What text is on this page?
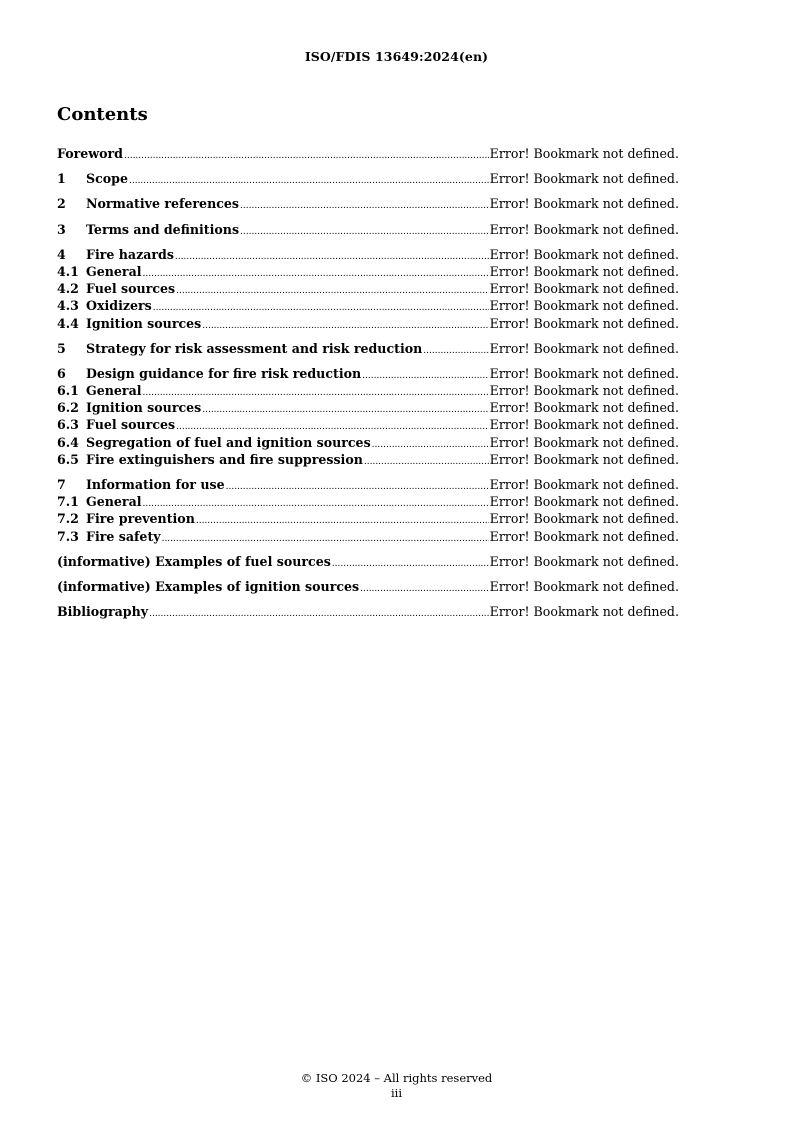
ISO/FDIS 13649:2024(en)
Contents
Foreword .....	Error! Bookmark not defined.
1	Scope .....	Error! Bookmark not defined.
2	Normative references .....	Error! Bookmark not defined.
3	Terms and definitions .....	Error! Bookmark not defined.
4	Fire hazards .....	Error! Bookmark not defined.
4.1 General .....	Error! Bookmark not defined.
4.2 Fuel sources .....	Error! Bookmark not defined.
4.3 Oxidizers .....	Error! Bookmark not defined.
4.4 Ignition sources .....	Error! Bookmark not defined.
5	Strategy for risk assessment and risk reduction .....	Error! Bookmark not defined.
6	Design guidance for fire risk reduction .....	Error! Bookmark not defined.
6.1 General .....	Error! Bookmark not defined.
6.2 Ignition sources .....	Error! Bookmark not defined.
6.3 Fuel sources .....	Error! Bookmark not defined.
6.4 Segregation of fuel and ignition sources .....	Error! Bookmark not defined.
6.5 Fire extinguishers and fire suppression .....	Error! Bookmark not defined.
7	Information for use .....	Error! Bookmark not defined.
7.1 General .....	Error! Bookmark not defined.
7.2 Fire prevention .....	Error! Bookmark not defined.
7.3 Fire safety .....	Error! Bookmark not defined.
(informative) Examples of fuel sources .....	Error! Bookmark not defined.
(informative) Examples of ignition sources .....	Error! Bookmark not defined.
Bibliography .....	Error! Bookmark not defined.
© ISO 2024 – All rights reserved
iii
